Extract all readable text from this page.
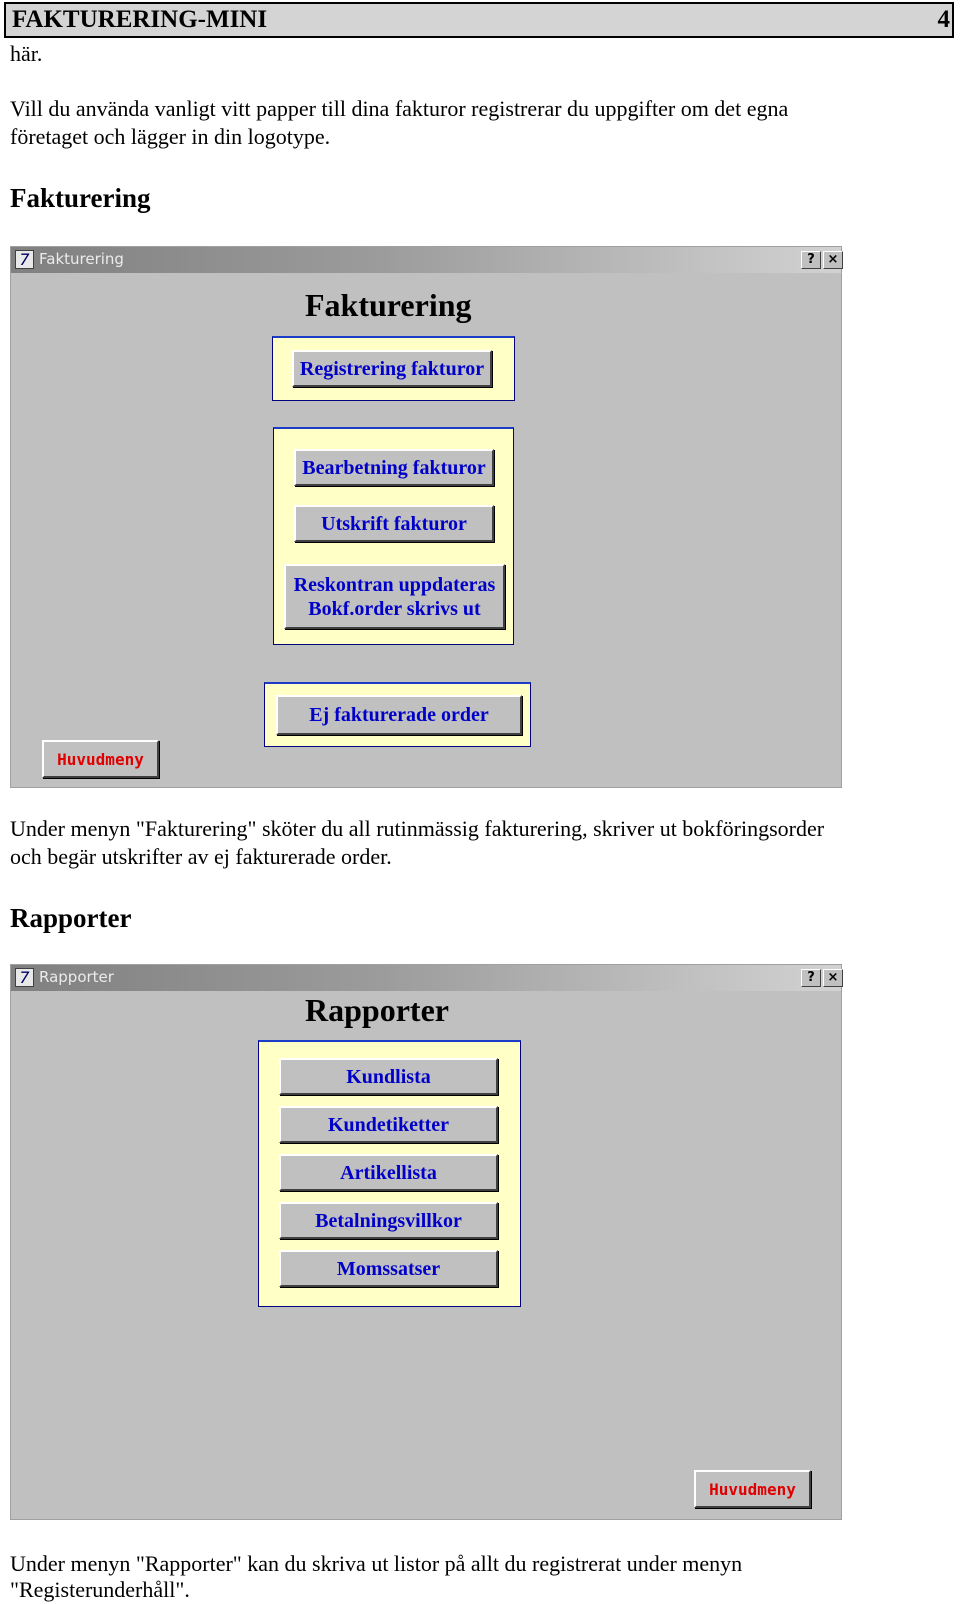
FAKTURERING-MINI	4
här.
Vill du använda vanligt vitt papper till dina fakturor registrerar du uppgifter om det egna
företaget och lägger in din logotype.
Fakturering
7 Fakturering	? ×
Fakturering
Registrering fakturor
Bearbetning fakturor
Utskrift fakturor
Reskontran uppdateras
Bokf.order skrivs ut
Ej fakturerade order
Huvudmeny
Under menyn "Fakturering" sköter du all rutinmässig fakturering, skriver ut bokföringsorder
och begär utskrifter av ej fakturerade order.
Rapporter
7 Rapporter	? ×
Rapporter
Kundlista
Kundetiketter
Artikellista
Betalningsvillkor
Momssatser
Huvudmeny
Under menyn "Rapporter" kan du skriva ut listor på allt du registrerat under menyn
"Registerunderhåll".
